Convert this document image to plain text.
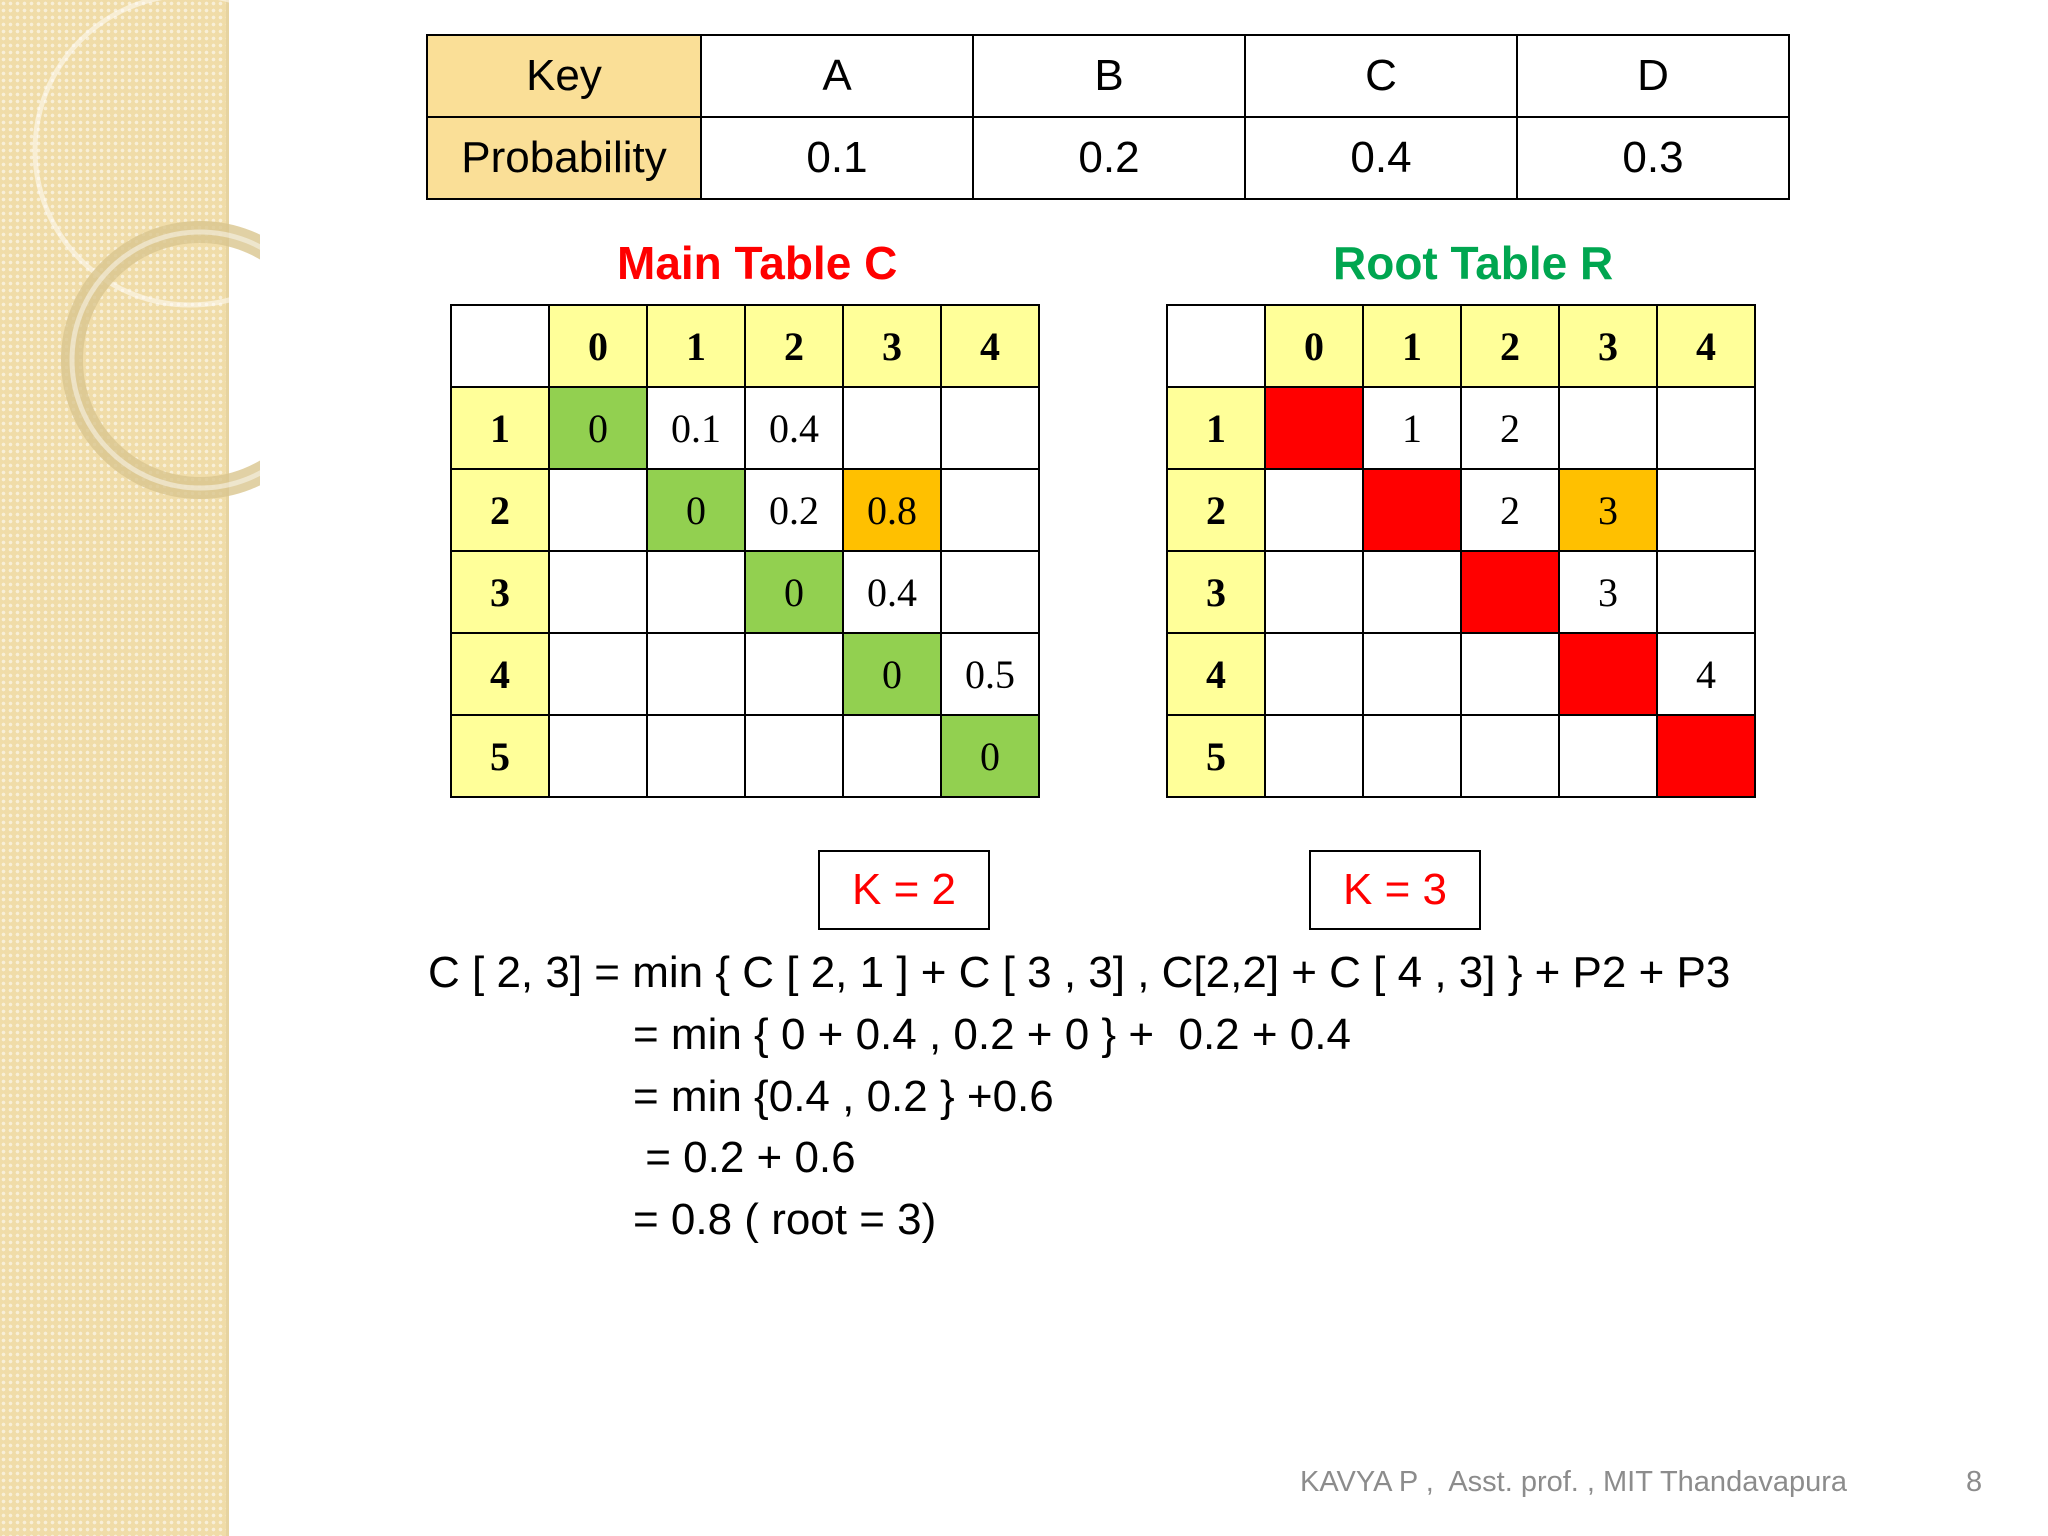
Key	A	B	C	D
Probability	0.1	0.2	0.4	0.3
Main Table C	Root Table R
	0	1	2	3	4
1	0	0.1	0.4		
2		0	0.2	0.8	
3			0	0.4	
4				0	0.5
5					0
	0	1	2	3	4
1		1	2		
2			2	3	
3				3	
4					4
5					
K = 2	K = 3
C [ 2, 3] = min { C [ 2, 1 ] + C [ 3 , 3] , C[2,2] + C [ 4 , 3] } + P2 + P3
= min { 0 + 0.4 , 0.2 + 0 } +  0.2 + 0.4
= min {0.4 , 0.2 } +0.6
= 0.2 + 0.6
= 0.8 ( root = 3)
KAVYA P ,  Asst. prof. , MIT Thandavapura	8
